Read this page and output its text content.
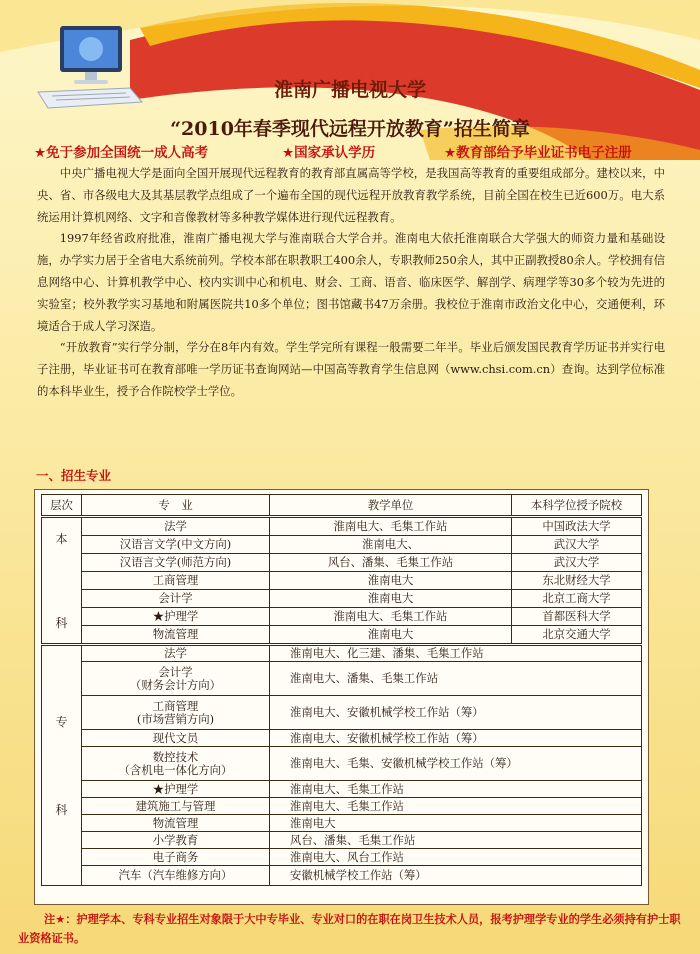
淮南广播电视大学
“2010年春季现代远程开放教育”招生简章
★免于参加全国统一成人高考	★国家承认学历	★教育部给予毕业证书电子注册

中央广播电视大学是面向全国开展现代远程教育的教育部直属高等学校，是我国高等教育的重要组成部分。建校以来，中央、省、市各级电大及其基层教学点组成了一个遍布全国的现代远程开放教育教学系统，目前全国在校生已近600万。电大系统运用计算机网络、文字和音像教材等多种教学媒体进行现代远程教育。

1997年经省政府批准，淮南广播电视大学与淮南联合大学合并。淮南电大依托淮南联合大学强大的师资力量和基础设施，办学实力居于全省电大系统前列。学校本部在职教职工400余人，专职教师250余人，其中正副教授80余人。学校拥有信息网络中心、计算机教学中心、校内实训中心和机电、财会、工商、语音、临床医学、解剖学、病理学等30多个较为先进的实验室；校外教学实习基地和附属医院共10多个单位；图书馆藏书47万余册。我校位于淮南市政治文化中心，交通便利，环境适合于成人学习深造。

“开放教育”实行学分制，学分在8年内有效。学生学完所有课程一般需要二年半。毕业后颁发国民教育学历证书并实行电子注册，毕业证书可在教育部唯一学历证书查询网站—中国高等教育学生信息网（www.chsi.com.cn）查询。达到学位标准的本科毕业生，授予合作院校学士学位。

一、招生专业
层次	专　业	教学单位	本科学位授予院校
本
科	法学	淮南电大、毛集工作站	中国政法大学
	汉语言文学(中文方向)	淮南电大、	武汉大学
	汉语言文学(师范方向)	风台、潘集、毛集工作站	武汉大学
	工商管理	淮南电大	东北财经大学
	会计学	淮南电大	北京工商大学
	★护理学	淮南电大、毛集工作站	首都医科大学
	物流管理	淮南电大	北京交通大学
专
科	法学	淮南电大、化三建、潘集、毛集工作站	
	会计学
（财务会计方向）	淮南电大、潘集、毛集工作站	
	工商管理
(市场营销方向)	淮南电大、安徽机械学校工作站（筹）	
	现代文员	淮南电大、安徽机械学校工作站（筹）	
	数控技术
（含机电一体化方向）	淮南电大、毛集、安徽机械学校工作站（筹）	
	★护理学	淮南电大、毛集工作站	
	建筑施工与管理	淮南电大、毛集工作站	
	物流管理	淮南电大	
	小学教育	风台、潘集、毛集工作站	
	电子商务	淮南电大、风台工作站	
	汽车（汽车维修方向）	安徽机械学校工作站（筹）	
注★：护理学本、专科专业招生对象限于大中专毕业、专业对口的在职在岗卫生技术人员，报考护理学专业的学生必须持有护士职业资格证书。
